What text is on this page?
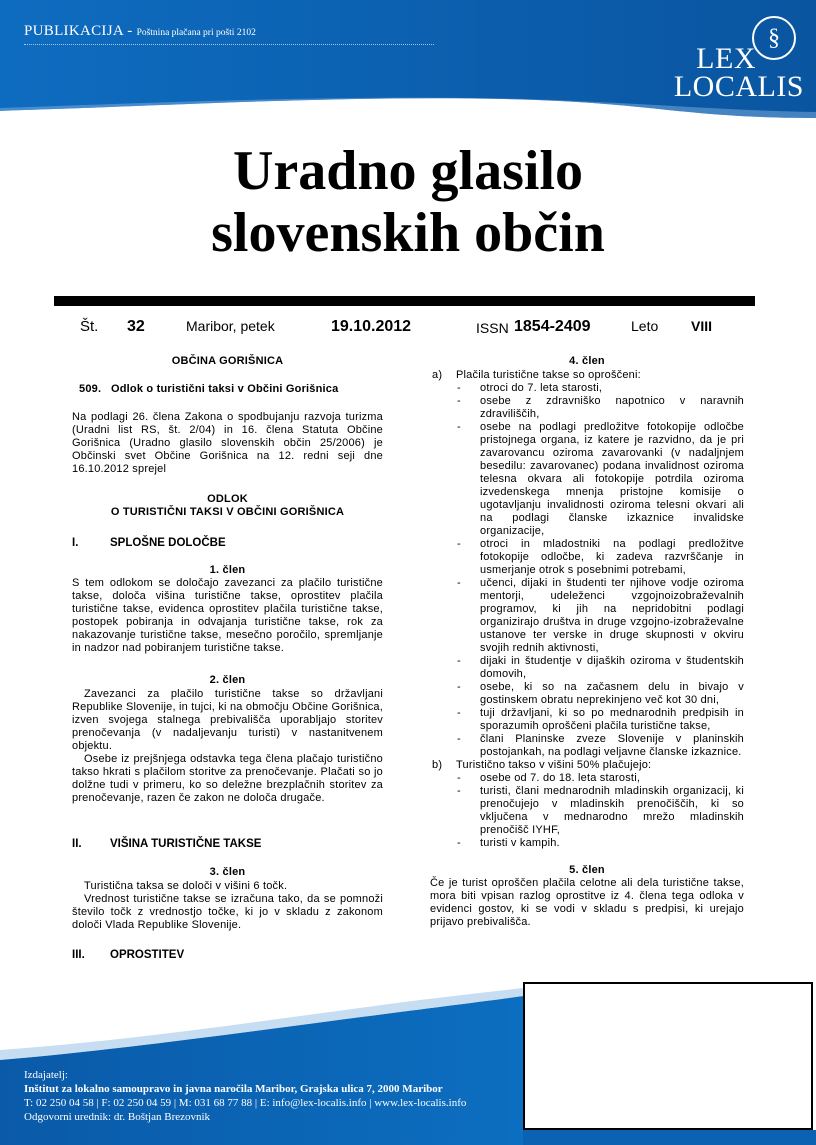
PUBLIKACIJA - Poštnina plačana pri pošti 2102	§
LEX
LOCALIS
Uradno glasilo
slovenskih občin
Št. 32	Maribor, petek	19.10.2012	ISSN 1854-2409	Leto VIII
OBČINA GORIŠNICA
509. Odlok o turistični taksi v Občini Gorišnica

Na podlagi 26. člena Zakona o spodbujanju razvoja turizma (Uradni list RS, št. 2/04) in 16. člena Statuta Občine Gorišnica (Uradno glasilo slovenskih občin 25/2006) je Občinski svet Občine Gorišnica na 12. redni seji dne 16.10.2012 sprejel

ODLOK
O TURISTIČNI TAKSI V OBČINI GORIŠNICA
I.	SPLOŠNE DOLOČBE
1. člen

S tem odlokom se določajo zavezanci za plačilo turistične takse, določa višina turistične takse, oprostitev plačila turistične takse, evidenca oprostitev plačila turistične takse, postopek pobiranja in odvajanja turistične takse, rok za nakazovanje turistične takse, mesečno poročilo, spremljanje in nadzor nad pobiranjem turistične takse.

2. člen

Zavezanci za plačilo turistične takse so državljani Republike Slovenije, in tujci, ki na območju Občine Gorišnica, izven svojega stalnega prebivališča uporabljajo storitev prenočevanja (v nadaljevanju turisti) v nastanitvenem objektu.

Osebe iz prejšnjega odstavka tega člena plačajo turistično takso hkrati s plačilom storitve za prenočevanje. Plačati so jo dolžne tudi v primeru, ko so deležne brezplačnih storitev za prenočevanje, razen če zakon ne določa drugače.

II. VIŠINA TURISTIČNE TAKSE
3. člen

Turistična taksa se določi v višini 6 točk.

Vrednost turistične takse se izračuna tako, da se pomnoži število točk z vrednostjo točke, ki jo v skladu z zakonom določi Vlada Republike Slovenije.

III. OPROSTITEV
4. člen
a) Plačila turistične takse so oproščeni:
- otroci do 7. leta starosti,
- osebe z zdravniško napotnico v naravnih zdraviliščih,
- osebe na podlagi predložitve fotokopije odločbe pristojnega organa, iz katere je razvidno, da je pri zavarovancu oziroma zavarovanki (v nadaljnjem besedilu: zavarovanec) podana invalidnost oziroma telesna okvara ali fotokopije potrdila oziroma izvedenskega mnenja pristojne komisije o ugotavljanju invalidnosti oziroma telesni okvari ali na podlagi članske izkaznice invalidske organizacije,
- otroci in mladostniki na podlagi predložitve fotokopije odločbe, ki zadeva razvrščanje in usmerjanje otrok s posebnimi potrebami,
- učenci, dijaki in študenti ter njihove vodje oziroma mentorji, udeleženci vzgojnoizobraževalnih programov, ki jih na nepridobitni podlagi organizirajo društva in druge vzgojno-izobraževalne ustanove ter verske in druge skupnosti v okviru svojih rednih aktivnosti,
- dijaki in študentje v dijaških oziroma v študentskih domovih,
- osebe, ki so na začasnem delu in bivajo v gostinskem obratu neprekinjeno več kot 30 dni,
- tuji državljani, ki so po mednarodnih predpisih in sporazumih oproščeni plačila turistične takse,
- člani Planinske zveze Slovenije v planinskih postojankah, na podlagi veljavne članske izkaznice.
b) Turistično takso v višini 50% plačujejo:
- osebe od 7. do 18. leta starosti,
- turisti, člani mednarodnih mladinskih organizacij, ki prenočujejo v mladinskih prenočiščih, ki so vključena v mednarodno mrežo mladinskih prenočišč IYHF,
- turisti v kampih.
5. člen

Če je turist oproščen plačila celotne ali dela turistične takse, mora biti vpisan razlog oprostitve iz 4. člena tega odloka v evidenci gostov, ki se vodi v skladu s predpisi, ki urejajo prijavo prebivališča.

Izdajatelj:
Inštitut za lokalno samoupravo in javna naročila Maribor, Grajska ulica 7, 2000 Maribor
T: 02 250 04 58 | F: 02 250 04 59 | M: 031 68 77 88 | E: info@lex-localis.info | www.lex-localis.info
Odgovorni urednik: dr. Boštjan Brezovnik
